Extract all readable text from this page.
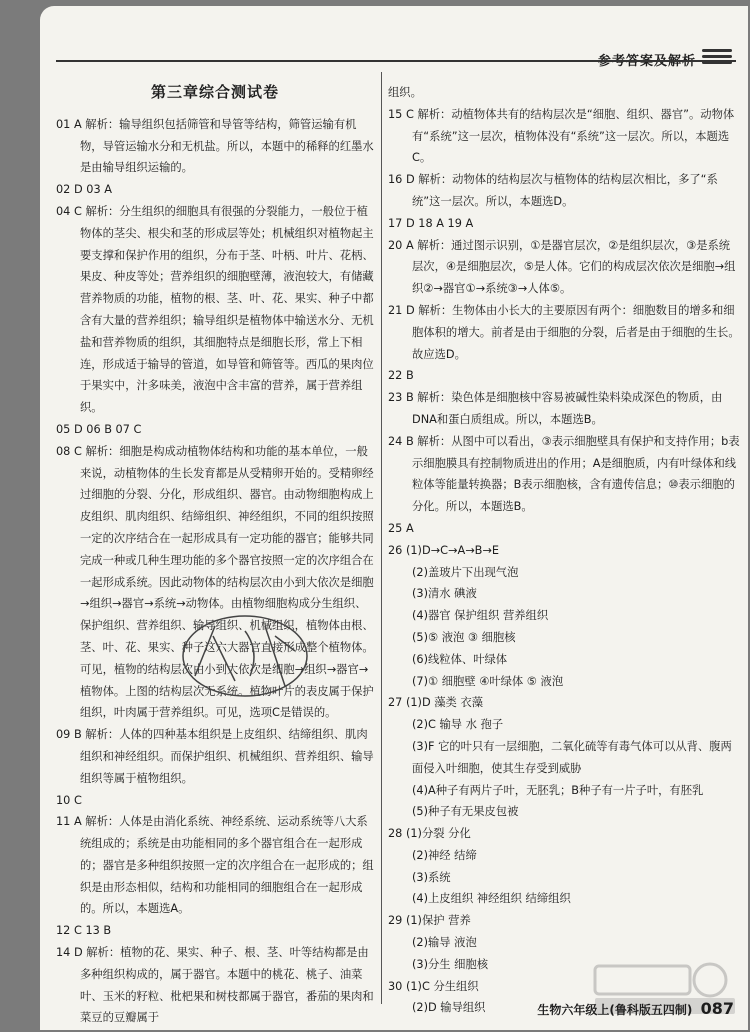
参考答案及解析
第三章综合测试卷

01 A 解析：输导组织包括筛管和导管等结构，筛管运输有机物，导管运输水分和无机盐。所以，本题中的稀释的红墨水是由输导组织运输的。

02 D 03 A

04 C 解析：分生组织的细胞具有很强的分裂能力，一般位于植物体的茎尖、根尖和茎的形成层等处；机械组织对植物起主要支撑和保护作用的组织，分布于茎、叶柄、叶片、花柄、果皮、种皮等处；营养组织的细胞壁薄，液泡较大，有储藏营养物质的功能，植物的根、茎、叶、花、果实、种子中都含有大量的营养组织；输导组织是植物体中输送水分、无机盐和营养物质的组织，其细胞特点是细胞长形，常上下相连，形成适于输导的管道，如导管和筛管等。西瓜的果肉位于果实中，汁多味美，液泡中含丰富的营养，属于营养组织。

05 D 06 B 07 C

08 C 解析：细胞是构成动植物体结构和功能的基本单位，一般来说，动植物体的生长发育都是从受精卵开始的。受精卵经过细胞的分裂、分化，形成组织、器官。由动物细胞构成上皮组织、肌肉组织、结缔组织、神经组织，不同的组织按照一定的次序结合在一起形成具有一定功能的器官；能够共同完成一种或几种生理功能的多个器官按照一定的次序组合在一起形成系统。因此动物体的结构层次由小到大依次是细胞→组织→器官→系统→动物体。由植物细胞构成分生组织、保护组织、营养组织、输导组织、机械组织，植物体由根、茎、叶、花、果实、种子这六大器官直接形成整个植物体。可见，植物的结构层次由小到大依次是细胞→组织→器官→植物体。上图的结构层次无系统。植物叶片的表皮属于保护组织，叶肉属于营养组织。可见，选项C是错误的。

09 B 解析：人体的四种基本组织是上皮组织、结缔组织、肌肉组织和神经组织。而保护组织、机械组织、营养组织、输导组织等属于植物组织。

10 C

11 A 解析：人体是由消化系统、神经系统、运动系统等八大系统组成的；系统是由功能相同的多个器官组合在一起形成的；器官是多种组织按照一定的次序组合在一起形成的；组织是由形态相似，结构和功能相同的细胞组合在一起形成的。所以，本题选A。

12 C 13 B

14 D 解析：植物的花、果实、种子、根、茎、叶等结构都是由多种组织构成的，属于器官。本题中的桃花、桃子、油菜叶、玉米的籽粒、枇杷果和树枝都属于器官，番茄的果肉和菜豆的豆瓣属于

组织。

15 C 解析：动植物体共有的结构层次是“细胞、组织、器官”。动物体有“系统”这一层次，植物体没有“系统”这一层次。所以，本题选C。

16 D 解析：动物体的结构层次与植物体的结构层次相比，多了“系统”这一层次。所以，本题选D。

17 D 18 A 19 A

20 A 解析：通过图示识别，①是器官层次，②是组织层次，③是系统层次，④是细胞层次，⑤是人体。它们的构成层次依次是细胞→组织②→器官①→系统③→人体⑤。

21 D 解析：生物体由小长大的主要原因有两个：细胞数目的增多和细胞体积的增大。前者是由于细胞的分裂，后者是由于细胞的生长。故应选D。

22 B

23 B 解析：染色体是细胞核中容易被碱性染料染成深色的物质，由DNA和蛋白质组成。所以，本题选B。

24 B 解析：从图中可以看出，③表示细胞壁具有保护和支持作用；b表示细胞膜具有控制物质进出的作用；A是细胞质，内有叶绿体和线粒体等能量转换器；B表示细胞核，含有遗传信息；⑩表示细胞的分化。所以，本题选B。

25 A

26 (1)D→C→A→B→E

(2)盖玻片下出现气泡

(3)清水 碘液

(4)器官 保护组织 营养组织

(5)⑤ 液泡 ③ 细胞核

(6)线粒体、叶绿体

(7)① 细胞壁 ④叶绿体 ⑤ 液泡

27 (1)D 藻类 衣藻

(2)C 输导 水 孢子

(3)F 它的叶只有一层细胞，二氧化硫等有毒气体可以从背、腹两面侵入叶细胞，使其生存受到威胁

(4)A种子有两片子叶，无胚乳；B种子有一片子叶，有胚乳

(5)种子有无果皮包被

28 (1)分裂 分化

(2)神经 结缔

(3)系统

(4)上皮组织 神经组织 结缔组织

29 (1)保护 营养

(2)输导 液泡

(3)分生 细胞核

30 (1)C 分生组织

(2)D 输导组织	生物六年级上(鲁科版五四制) 087
